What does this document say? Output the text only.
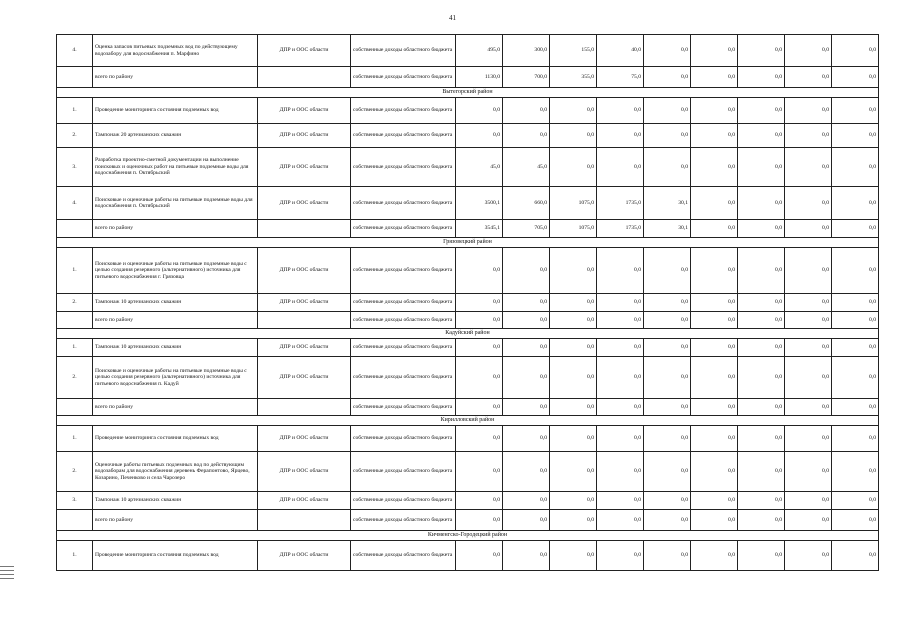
41
4.	Оценка запасов питьевых подземных вод по действующему водозабору для водоснабжения п. Марфино	ДПР и ООС области	собственные доходы областного бюджета	495,0	300,0	155,0	40,0	0,0	0,0	0,0	0,0	0,0
	всего по району		собственные доходы областного бюджета	1130,0	700,0	355,0	75,0	0,0	0,0	0,0	0,0	0,0
Вытегорский район												
1.	Проведение мониторинга состояния подземных вод	ДПР и ООС области	собственные доходы областного бюджета	0,0	0,0	0,0	0,0	0,0	0,0	0,0	0,0	0,0
2.	Тампонаж 20 артезианских скважин	ДПР и ООС области	собственные доходы областного бюджета	0,0	0,0	0,0	0,0	0,0	0,0	0,0	0,0	0,0
3.	Разработка проектно-сметной документации на выполнение поисковых и оценочных работ на питьевые подземные воды для водоснабжения п. Октябрьский	ДПР и ООС области	собственные доходы областного бюджета	45,0	45,0	0,0	0,0	0,0	0,0	0,0	0,0	0,0
4.	Поисковые и оценочные работы на питьевые подземные воды для водоснабжения п. Октябрьский	ДПР и ООС области	собственные доходы областного бюджета	3500,1	660,0	1075,0	1735,0	30,1	0,0	0,0	0,0	0,0
	всего по району		собственные доходы областного бюджета	3545,1	705,0	1075,0	1735,0	30,1	0,0	0,0	0,0	0,0
Грязовецкий район												
1.	Поисковые и оценочные работы на питьевые подземные воды с целью создания резервного (альтернативного) источника для питьевого водоснабжения г. Грязовца	ДПР и ООС области	собственные доходы областного бюджета	0,0	0,0	0,0	0,0	0,0	0,0	0,0	0,0	0,0
2.	Тампонаж 10 артезианских скважин	ДПР и ООС области	собственные доходы областного бюджета	0,0	0,0	0,0	0,0	0,0	0,0	0,0	0,0	0,0
	всего по району		собственные доходы областного бюджета	0,0	0,0	0,0	0,0	0,0	0,0	0,0	0,0	0,0
Кадуйский район												
1.	Тампонаж 10 артезианских скважин	ДПР и ООС области	собственные доходы областного бюджета	0,0	0,0	0,0	0,0	0,0	0,0	0,0	0,0	0,0
2.	Поисковые и оценочные работы на питьевые подземные воды с целью создания резервного (альтернативного) источника для питьевого водоснабжения п. Кадуй	ДПР и ООС области	собственные доходы областного бюджета	0,0	0,0	0,0	0,0	0,0	0,0	0,0	0,0	0,0
	всего по району		собственные доходы областного бюджета	0,0	0,0	0,0	0,0	0,0	0,0	0,0	0,0	0,0
Кирилловский район												
1.	Проведение мониторинга состояния подземных вод	ДПР и ООС области	собственные доходы областного бюджета	0,0	0,0	0,0	0,0	0,0	0,0	0,0	0,0	0,0
2.	Оценочные работы питьевых подземных вод по действующим водозаборам для водоснабжения деревень Ферапонтово, Ярцево, Козарино, Печенково и села Чарозеро	ДПР и ООС области	собственные доходы областного бюджета	0,0	0,0	0,0	0,0	0,0	0,0	0,0	0,0	0,0
3.	Тампонаж 10 артезианских скважин	ДПР и ООС области	собственные доходы областного бюджета	0,0	0,0	0,0	0,0	0,0	0,0	0,0	0,0	0,0
	всего по району		собственные доходы областного бюджета	0,0	0,0	0,0	0,0	0,0	0,0	0,0	0,0	0,0
Кичменгско-Городецкий район												
1.	Проведение мониторинга состояния подземных вод	ДПР и ООС области	собственные доходы областного бюджета	0,0	0,0	0,0	0,0	0,0	0,0	0,0	0,0	0,0
